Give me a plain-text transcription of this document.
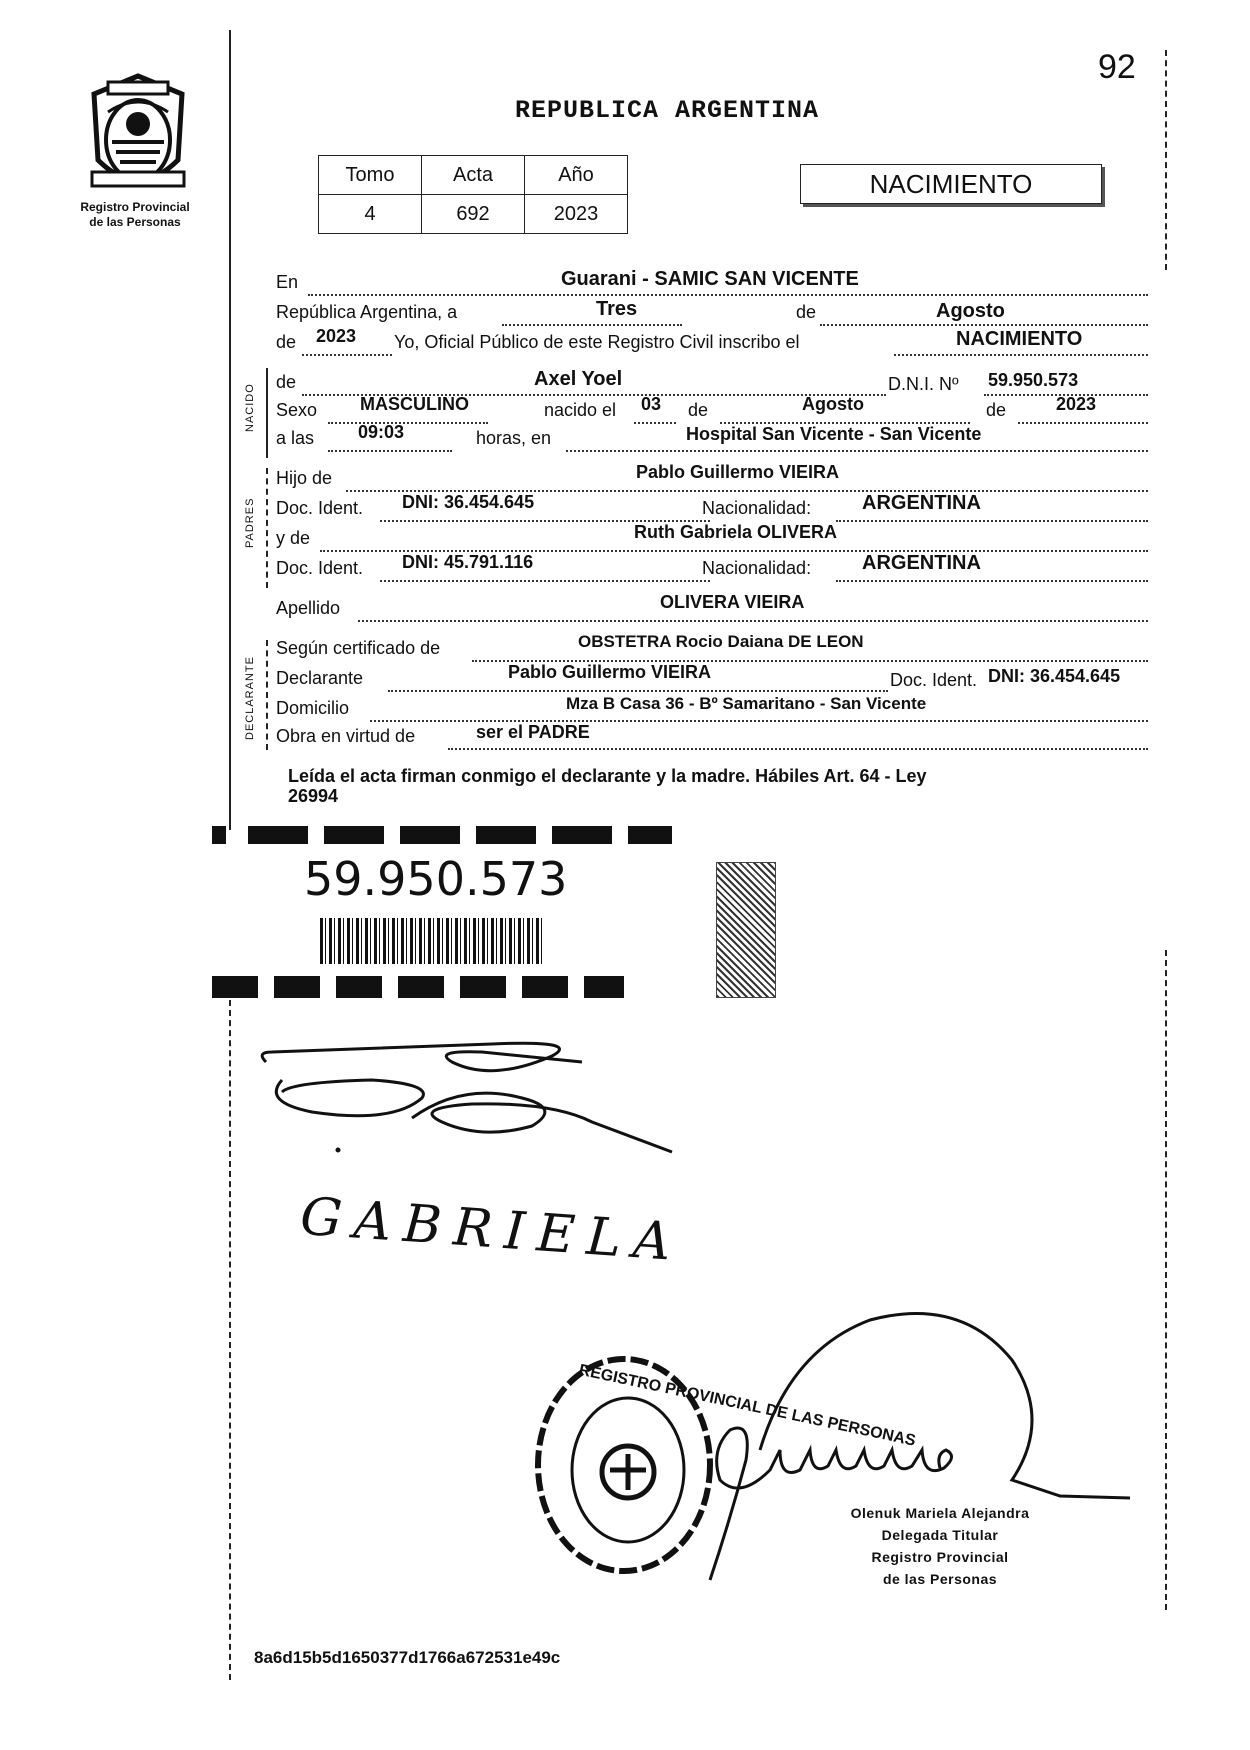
92
Registro Provincial
de las Personas
REPUBLICA ARGENTINA
Tomo	Acta	Año
4	692	2023
NACIMIENTO
NACIDO
PADRES
DECLARANTE
En	Guarani - SAMIC SAN VICENTE
República Argentina, a	Tres	de	Agosto
de 2023 Yo, Oficial Público de este Registro Civil inscribo el	NACIMIENTO
de	Axel Yoel	D.N.I. Nº 59.950.573
Sexo MASCULINO	nacido el 03 de	Agosto	de	2023
a las 09:03	horas, en	Hospital San Vicente - San Vicente
Hijo de	Pablo Guillermo VIEIRA
Doc. Ident. DNI: 36.454.645	Nacionalidad:	ARGENTINA
y de	Ruth Gabriela OLIVERA
Doc. Ident. DNI: 45.791.116	Nacionalidad:	ARGENTINA
Apellido	OLIVERA VIEIRA
Según certificado de	OBSTETRA Rocio Daiana DE LEON
Declarante	Pablo Guillermo VIEIRA	Doc. Ident. DNI: 36.454.645
Domicilio	Mza B Casa 36 - Bº Samaritano - San Vicente
Obra en virtud de	ser el PADRE
Leída el acta firman conmigo el declarante y la madre. Hábiles Art. 64 - Ley
26994
59.950.573
GABRIELA
REGISTRO PROVINCIAL DE LAS PERSONAS
Olenuk Mariela Alejandra
Delegada Titular
Registro Provincial
de las Personas
8a6d15b5d1650377d1766a672531e49c
